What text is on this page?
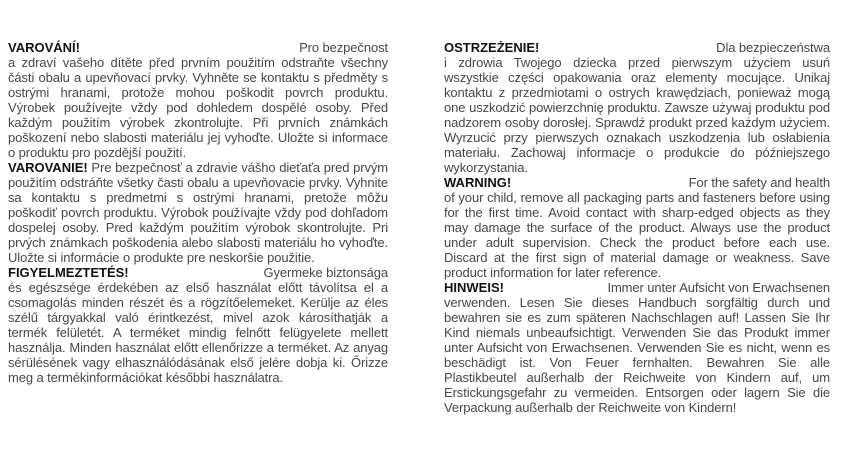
VAROVÁNÍ!	Pro bezpečnost
a zdraví vašeho dítěte před prvním použitím odstraňte všechny části obalu a upevňovací prvky. Vyhněte se kontaktu s předměty s ostrými hranami, protože mohou poškodit povrch produktu. Výrobek používejte vždy pod dohledem dospělé osoby. Před každým použitím výrobek zkontrolujte. Při prvních známkách poškození nebo slabosti materiálu jej vyhoďte. Uložte si informace o produktu pro pozdější použití.

VAROVANIE! Pre bezpečnosť a zdravie vášho dieťaťa pred prvým použitím odstráňte všetky časti obalu a upevňovacie prvky. Vyhnite sa kontaktu s predmetmi s ostrými hranami, pretože môžu poškodiť povrch produktu. Výrobok používajte vždy pod dohľadom dospelej osoby. Pred každým použitím výrobok skontrolujte. Pri prvých známkach poškodenia alebo slabosti materiálu ho vyhoďte. Uložte si informácie o produkte pre neskoršie použitie.

FIGYELMEZTETÉS!	Gyermeke biztonsága
és egészsége érdekében az első használat előtt távolítsa el a csomagolás minden részét és a rögzítőelemeket. Kerülje az éles szélű tárgyakkal való érintkezést, mivel azok károsíthatják a termék felületét. A terméket mindig felnőtt felügyelete mellett használja. Minden használat előtt ellenőrizze a terméket. Az anyag sérülésének vagy elhasználódásának első jelére dobja ki. Őrizze meg a termékinformációkat későbbi használatra.

OSTRZEŻENIE!	Dla bezpieczeństwa
i zdrowia Twojego dziecka przed pierwszym użyciem usuń wszystkie części opakowania oraz elementy mocujące. Unikaj kontaktu z przedmiotami o ostrych krawędziach, ponieważ mogą one uszkodzić powierzchnię produktu. Zawsze używaj produktu pod nadzorem osoby dorosłej. Sprawdź produkt przed każdym użyciem. Wyrzucić przy pierwszych oznakach uszkodzenia lub osłabienia materiału. Zachowaj informacje o produkcie do późniejszego wykorzystania.

WARNING!	For the safety and health
of your child, remove all packaging parts and fasteners before using for the first time. Avoid contact with sharp-edged objects as they may damage the surface of the product. Always use the product under adult supervision. Check the product before each use. Discard at the first sign of material damage or weakness. Save product information for later reference.

HINWEIS!	Immer unter Aufsicht von Erwachsenen
verwenden. Lesen Sie dieses Handbuch sorgfältig durch und bewahren sie es zum späteren Nachschlagen auf! Lassen Sie Ihr Kind niemals unbeaufsichtigt. Verwenden Sie das Produkt immer unter Aufsicht von Erwachsenen. Verwenden Sie es nicht, wenn es beschädigt ist. Von Feuer fernhalten. Bewahren Sie alle Plastikbeutel außerhalb der Reichweite von Kindern auf, um Erstickungsgefahr zu vermeiden. Entsorgen oder lagern Sie die Verpackung außerhalb der Reichweite von Kindern!
